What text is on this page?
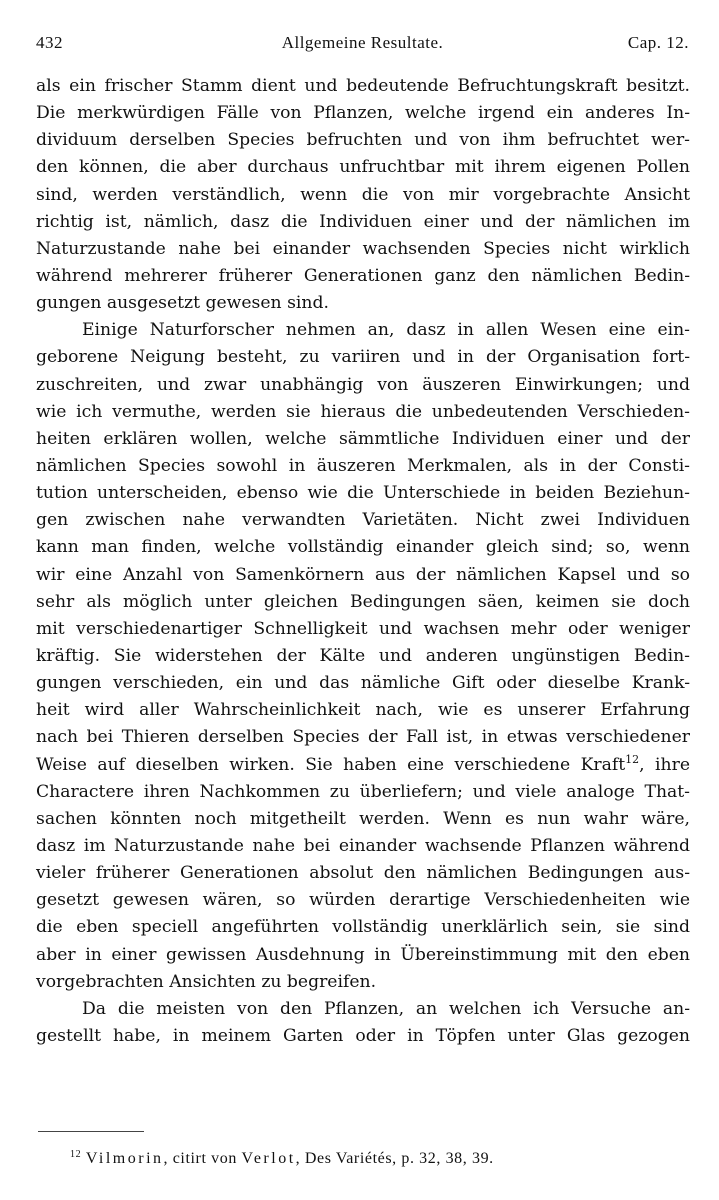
432	Allgemeine Resultate.	Cap. 12.
als ein frischer Stamm dient und bedeutende Befruchtungskraft besitzt.
Die merkwürdigen Fälle von Pflanzen, welche irgend ein anderes In-
dividuum derselben Species befruchten und von ihm befruchtet wer-
den können, die aber durchaus unfruchtbar mit ihrem eigenen Pollen
sind, werden verständlich, wenn die von mir vorgebrachte Ansicht
richtig ist, nämlich, dasz die Individuen einer und der nämlichen im
Naturzustande nahe bei einander wachsenden Species nicht wirklich
während mehrerer früherer Generationen ganz den nämlichen Bedin-
gungen ausgesetzt gewesen sind.
Einige Naturforscher nehmen an, dasz in allen Wesen eine ein-
geborene Neigung besteht, zu variiren und in der Organisation fort-
zuschreiten, und zwar unabhängig von äuszeren Einwirkungen; und
wie ich vermuthe, werden sie hieraus die unbedeutenden Verschieden-
heiten erklären wollen, welche sämmtliche Individuen einer und der
nämlichen Species sowohl in äuszeren Merkmalen, als in der Consti-
tution unterscheiden, ebenso wie die Unterschiede in beiden Beziehun-
gen zwischen nahe verwandten Varietäten. Nicht zwei Individuen
kann man finden, welche vollständig einander gleich sind; so, wenn
wir eine Anzahl von Samenkörnern aus der nämlichen Kapsel und so
sehr als möglich unter gleichen Bedingungen säen, keimen sie doch
mit verschiedenartiger Schnelligkeit und wachsen mehr oder weniger
kräftig. Sie widerstehen der Kälte und anderen ungünstigen Bedin-
gungen verschieden, ein und das nämliche Gift oder dieselbe Krank-
heit wird aller Wahrscheinlichkeit nach, wie es unserer Erfahrung
nach bei Thieren derselben Species der Fall ist, in etwas verschiedener
Weise auf dieselben wirken. Sie haben eine verschiedene Kraft$^{12}$, ihre
Charactere ihren Nachkommen zu überliefern; und viele analoge That-
sachen könnten noch mitgetheilt werden. Wenn es nun wahr wäre,
dasz im Naturzustande nahe bei einander wachsende Pflanzen während
vieler früherer Generationen absolut den nämlichen Bedingungen aus-
gesetzt gewesen wären, so würden derartige Verschiedenheiten wie
die eben speciell angeführten vollständig unerklärlich sein, sie sind
aber in einer gewissen Ausdehnung in Übereinstimmung mit den eben
vorgebrachten Ansichten zu begreifen.
Da die meisten von den Pflanzen, an welchen ich Versuche an-
gestellt habe, in meinem Garten oder in Töpfen unter Glas gezogen
$^{12}$ Vilmorin, citirt von Verlot, Des Variétés, p. 32, 38, 39.
